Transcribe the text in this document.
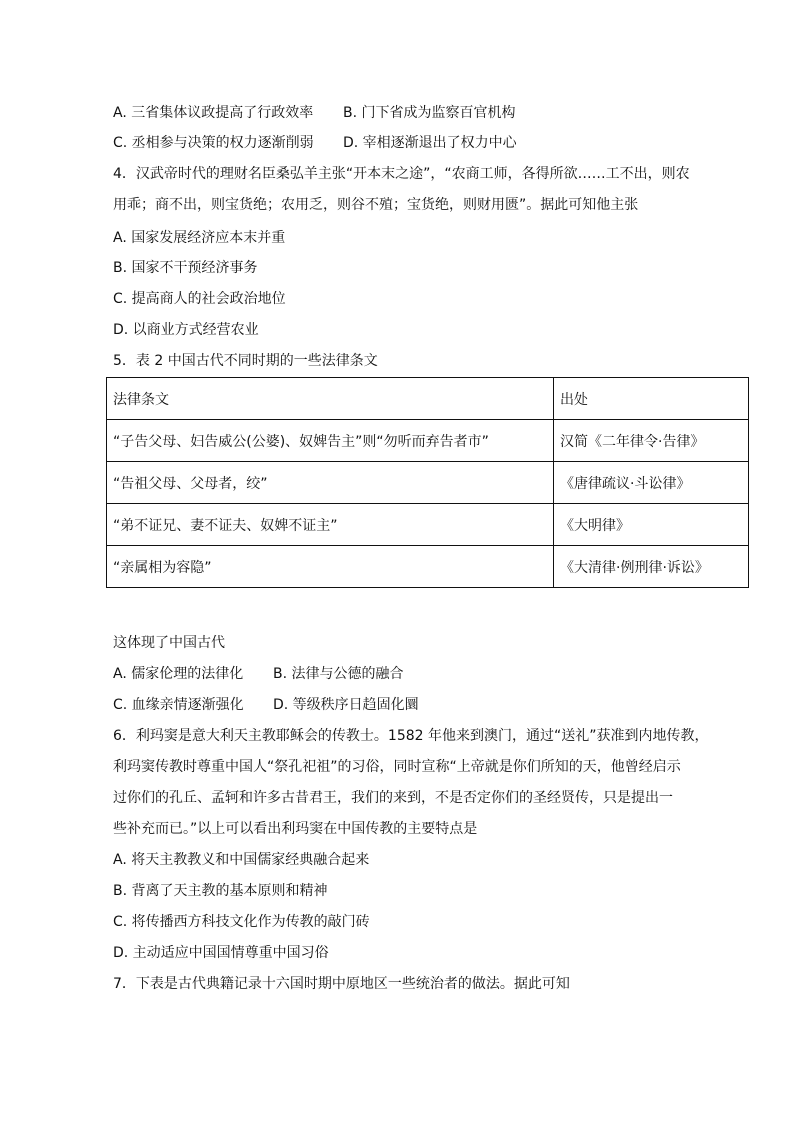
A. 三省集体议政提高了行政效率 B. 门下省成为监察百官机构
C. 丞相参与决策的权力逐渐削弱 D. 宰相逐渐退出了权力中心
4．汉武帝时代的理财名臣桑弘羊主张“开本末之途”，“农商工师，各得所欲……工不出，则农
用乖；商不出，则宝货绝；农用乏，则谷不殖；宝货绝，则财用匮”。据此可知他主张
A. 国家发展经济应本末并重
B. 国家不干预经济事务
C. 提高商人的社会政治地位
D. 以商业方式经营农业
5．表 2 中国古代不同时期的一些法律条文
法律条文	出处
“子告父母、妇告威公(公婆)、奴婢告主”则“勿听而弃告者市”	汉简《二年律令·告律》
“告祖父母、父母者，绞”	《唐律疏议·斗讼律》
“弟不证兄、妻不证夫、奴婢不证主”	《大明律》
“亲属相为容隐”	《大清律·例刑律·诉讼》
这体现了中国古代
A. 儒家伦理的法律化 B. 法律与公德的融合
C. 血缘亲情逐渐强化 D. 等级秩序日趋固化圜
6．利玛窦是意大利天主教耶稣会的传教士。1582 年他来到澳门，通过“送礼”获准到内地传教，
利玛窦传教时尊重中国人“祭孔祀祖”的习俗，同时宣称“上帝就是你们所知的天，他曾经启示
过你们的孔丘、孟轲和许多古昔君王，我们的来到，不是否定你们的圣经贤传，只是提出一
些补充而已。”以上可以看出利玛窦在中国传教的主要特点是
A. 将天主教教义和中国儒家经典融合起来
B. 背离了天主教的基本原则和精神
C. 将传播西方科技文化作为传教的敲门砖
D. 主动适应中国国情尊重中国习俗
7．下表是古代典籍记录十六国时期中原地区一些统治者的做法。据此可知
